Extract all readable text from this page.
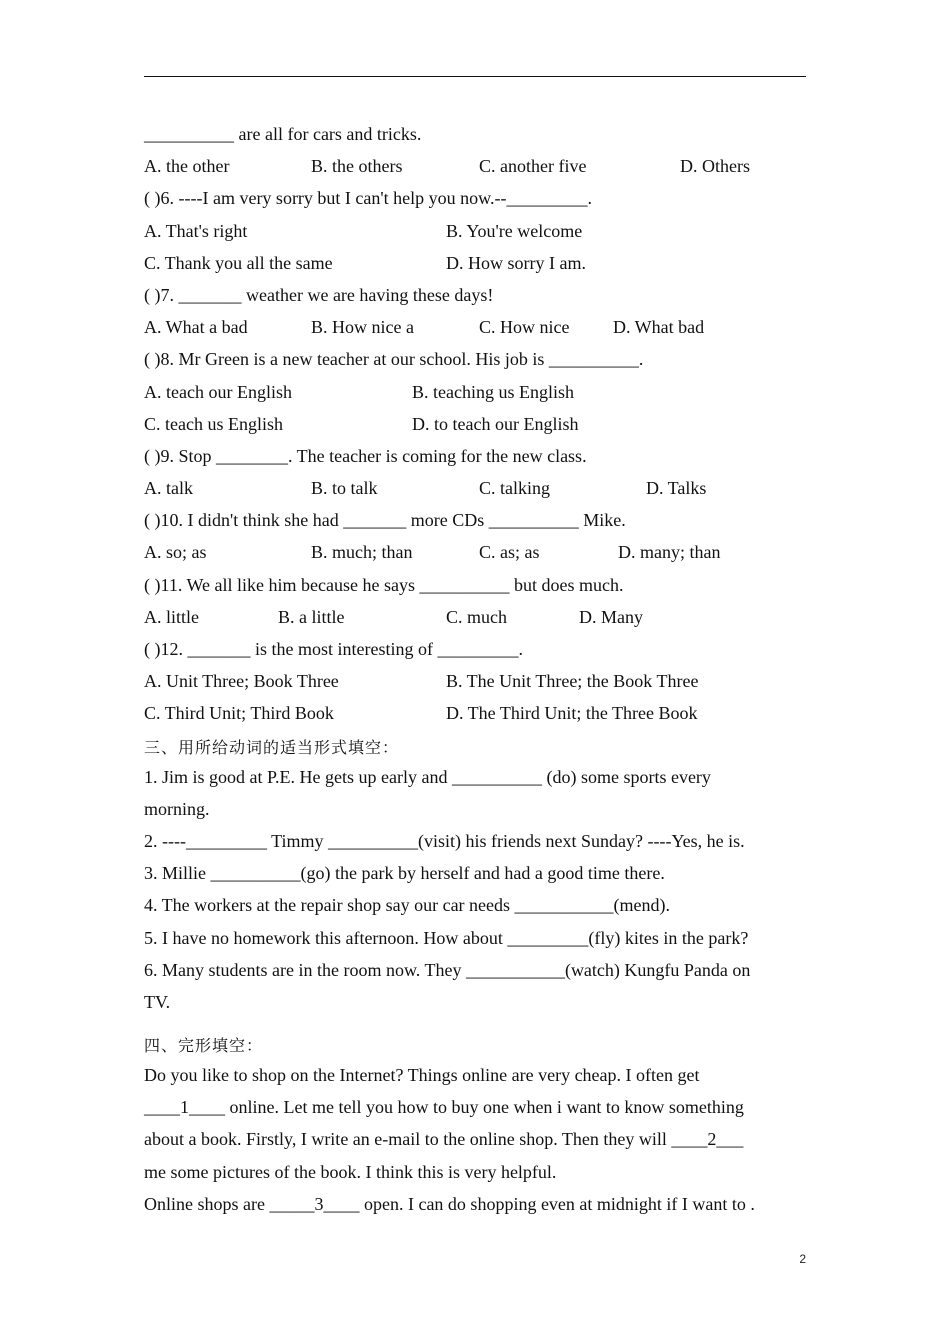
__________ are all for cars and tricks.
A. the other	B. the others	C. another five	D. Others
( )6. ----I am very sorry but I can't help you now.--_________.
A. That's right	B. You're welcome
C. Thank you all the same	D. How sorry I am.
( )7. _______ weather we are having these days!
A. What a bad	B. How nice a	C. How nice D. What bad
( )8. Mr Green is a new teacher at our school. His job is __________.
A. teach our English	B. teaching us English
C. teach us English	D. to teach our English
( )9. Stop ________. The teacher is coming for the new class.
A. talk	B. to talk	C. talking	D. Talks
( )10. I didn't think she had _______ more CDs __________ Mike.
A. so; as	B. much; than	C. as; as	D. many; than
( )11. We all like him because he says __________ but does much.
A. little	B. a little	C. much	D. Many
( )12. _______ is the most interesting of _________.
A. Unit Three; Book Three	B. The Unit Three; the Book Three
C. Third Unit; Third Book	D. The Third Unit; the Three Book
三、用所给动词的适当形式填空：
1. Jim is good at P.E. He gets up early and __________ (do) some sports every
morning.
2. ----_________ Timmy __________(visit) his friends next Sunday? ----Yes, he is.
3. Millie __________(go) the park by herself and had a good time there.
4. The workers at the repair shop say our car needs ___________(mend).
5. I have no homework this afternoon. How about _________(fly) kites in the park?
6. Many students are in the room now. They ___________(watch) Kungfu Panda on
TV.
四、完形填空：
Do you like to shop on the Internet? Things online are very cheap. I often get
____1____ online. Let me tell you how to buy one when i want to know something
about a book. Firstly, I write an e-mail to the online shop. Then they will ____2___
me some pictures of the book. I think this is very helpful.
Online shops are _____3____ open. I can do shopping even at midnight if I want to .
2
